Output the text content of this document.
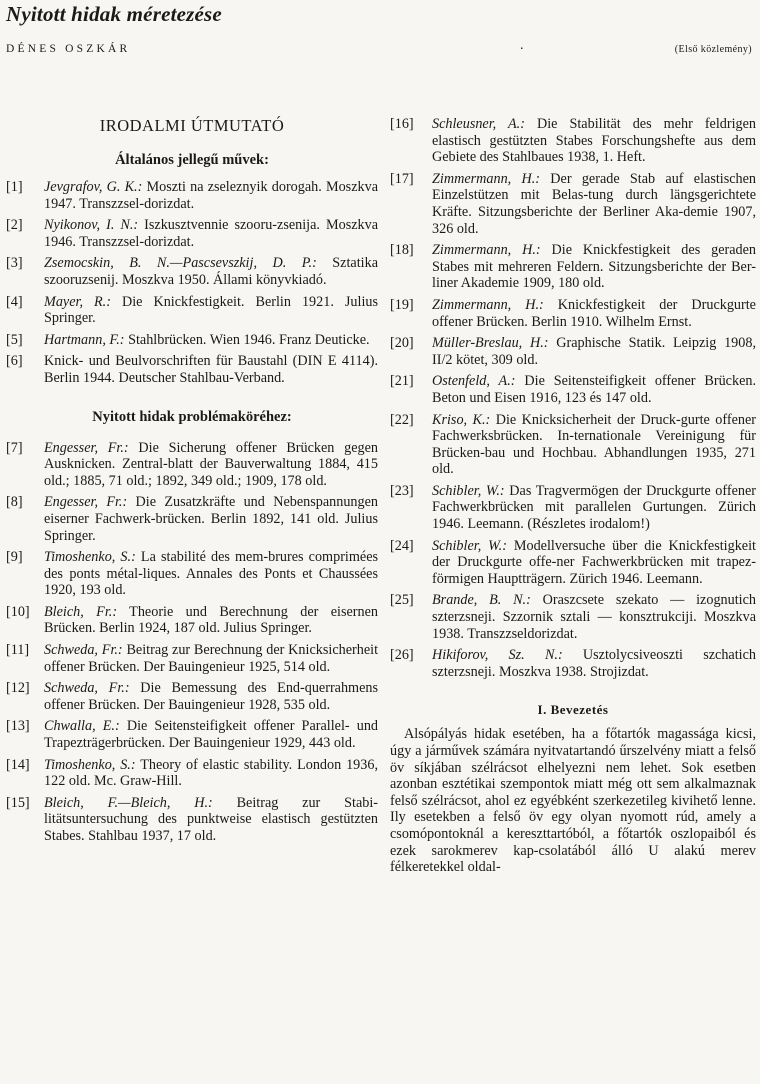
Nyitott hidak méretezése
DÉNES OSZKÁR	.	(Első közlemény)
IRODALMI ÚTMUTATÓ
Általános jellegű művek:
[1]	Jevgrafov, G. K.: Moszti na zseleznyik dorogah. Moszkva 1947. Transzzsel-dorizdat.
[2]	Nyikonov, I. N.: Iszkusztvennie szooru-zsenija. Moszkva 1946. Transzzsel-dorizdat.
[3]	Zsemocskin, B. N.—Pascsevszkij, D. P.: Sztatika szooruzsenij. Moszkva 1950. Állami könyvkiadó.
[4]	Mayer, R.: Die Knickfestigkeit. Berlin 1921. Julius Springer.
[5]	Hartmann, F.: Stahlbrücken. Wien 1946. Franz Deuticke.
[6]	Knick- und Beulvorschriften für Baustahl (DIN E 4114). Berlin 1944. Deutscher Stahlbau-Verband.
Nyitott hidak problémaköréhez:
[7]	Engesser, Fr.: Die Sicherung offener Brücken gegen Ausknicken. Zentral-blatt der Bauverwaltung 1884, 415 old.; 1885, 71 old.; 1892, 349 old.; 1909, 178 old.
[8]	Engesser, Fr.: Die Zusatzkräfte und Nebenspannungen eiserner Fachwerk-brücken. Berlin 1892, 141 old. Julius Springer.
[9]	Timoshenko, S.: La stabilité des mem-brures comprimées des ponts métal-liques. Annales des Ponts et Chaussées 1920, 193 old.
[10]	Bleich, Fr.: Theorie und Berechnung der eisernen Brücken. Berlin 1924, 187 old. Julius Springer.
[11]	Schweda, Fr.: Beitrag zur Berechnung der Knicksicherheit offener Brücken. Der Bauingenieur 1925, 514 old.
[12]	Schweda, Fr.: Die Bemessung des End-querrahmens offener Brücken. Der Bauingenieur 1928, 535 old.
[13]	Chwalla, E.: Die Seitensteifigkeit offener Parallel- und Trapezträgerbrücken. Der Bauingenieur 1929, 443 old.
[14]	Timoshenko, S.: Theory of elastic stability. London 1936, 122 old. Mc. Graw-Hill.
[15]	Bleich, F.—Bleich, H.: Beitrag zur Stabi-litätsuntersuchung des punktweise elastisch gestützten Stabes. Stahlbau 1937, 17 old.
[16]	Schleusner, A.: Die Stabilität des mehr feldrigen elastisch gestützten Stabes Forschungshefte aus dem Gebiete des Stahlbaues 1938, 1. Heft.
[17]	Zimmermann, H.: Der gerade Stab auf elastischen Einzelstützen mit Belas-tung durch längsgerichtete Kräfte. Sitzungsberichte der Berliner Aka-demie 1907, 326 old.
[18]	Zimmermann, H.: Die Knickfestigkeit des geraden Stabes mit mehreren Feldern. Sitzungsberichte der Ber-liner Akademie 1909, 180 old.
[19]	Zimmermann, H.: Knickfestigkeit der Druckgurte offener Brücken. Berlin 1910. Wilhelm Ernst.
[20]	Müller-Breslau, H.: Graphische Statik. Leipzig 1908, II/2 kötet, 309 old.
[21]	Ostenfeld, A.: Die Seitensteifigkeit offener Brücken. Beton und Eisen 1916, 123 és 147 old.
[22]	Kriso, K.: Die Knicksicherheit der Druck-gurte offener Fachwerksbrücken. In-ternationale Vereinigung für Brücken-bau und Hochbau. Abhandlungen 1935, 271 old.
[23]	Schibler, W.: Das Tragvermögen der Druckgurte offener Fachwerkbrücken mit parallelen Gurtungen. Zürich 1946. Leemann. (Részletes irodalom!)
[24]	Schibler, W.: Modellversuche über die Knickfestigkeit der Druckgurte offe-ner Fachwerkbrücken mit trapez-förmigen Hauptträgern. Zürich 1946. Leemann.
[25]	Brande, B. N.: Oraszcsete szekato — izognutich szterzsneji. Szzornik sztali — konsztrukciji. Moszkva 1938. Transzzseldorizdat.
[26]	Hikiforov, Sz. N.: Usztolycsiveoszti szchatich szterzsneji. Moszkva 1938. Strojizdat.
I. Bevezetés

Alsópályás hidak esetében, ha a főtartók magassága kicsi, úgy a járművek számára nyitvatartandó űrszelvény miatt a felső öv síkjában szélrácsot elhelyezni nem lehet. Sok esetben azonban esztétikai szempontok miatt még ott sem alkalmaznak felső szélrácsot, ahol ez egyébként szerkezetileg kivihető lenne. Ily esetekben a felső öv egy olyan nyomott rúd, amely a csomópontoknál a kereszttartóból, a főtartók oszlopaiból és ezek sarokmerev kap-csolatából álló U alakú merev félkeretekkel oldal-
